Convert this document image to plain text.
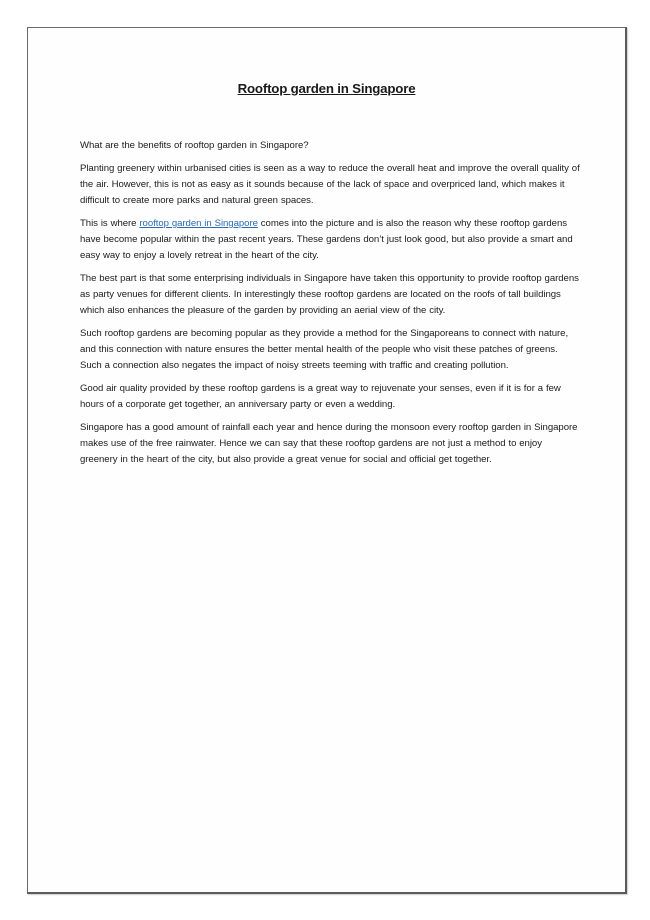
Rooftop garden in Singapore

What are the benefits of rooftop garden in Singapore?

Planting greenery within urbanised cities is seen as a way to reduce the overall heat and improve the overall quality of the air. However, this is not as easy as it sounds because of the lack of space and overpriced land, which makes it difficult to create more parks and natural green spaces.

This is where rooftop garden in Singapore comes into the picture and is also the reason why these rooftop gardens have become popular within the past recent years. These gardens don’t just look good, but also provide a smart and easy way to enjoy a lovely retreat in the heart of the city.

The best part is that some enterprising individuals in Singapore have taken this opportunity to provide rooftop gardens as party venues for different clients. In interestingly these rooftop gardens are located on the roofs of tall buildings which also enhances the pleasure of the garden by providing an aerial view of the city.

Such rooftop gardens are becoming popular as they provide a method for the Singaporeans to connect with nature, and this connection with nature ensures the better mental health of the people who visit these patches of greens. Such a connection also negates the impact of noisy streets teeming with traffic and creating pollution.

Good air quality provided by these rooftop gardens is a great way to rejuvenate your senses, even if it is for a few hours of a corporate get together, an anniversary party or even a wedding.

Singapore has a good amount of rainfall each year and hence during the monsoon every rooftop garden in Singapore makes use of the free rainwater. Hence we can say that these rooftop gardens are not just a method to enjoy greenery in the heart of the city, but also provide a great venue for social and official get together.
